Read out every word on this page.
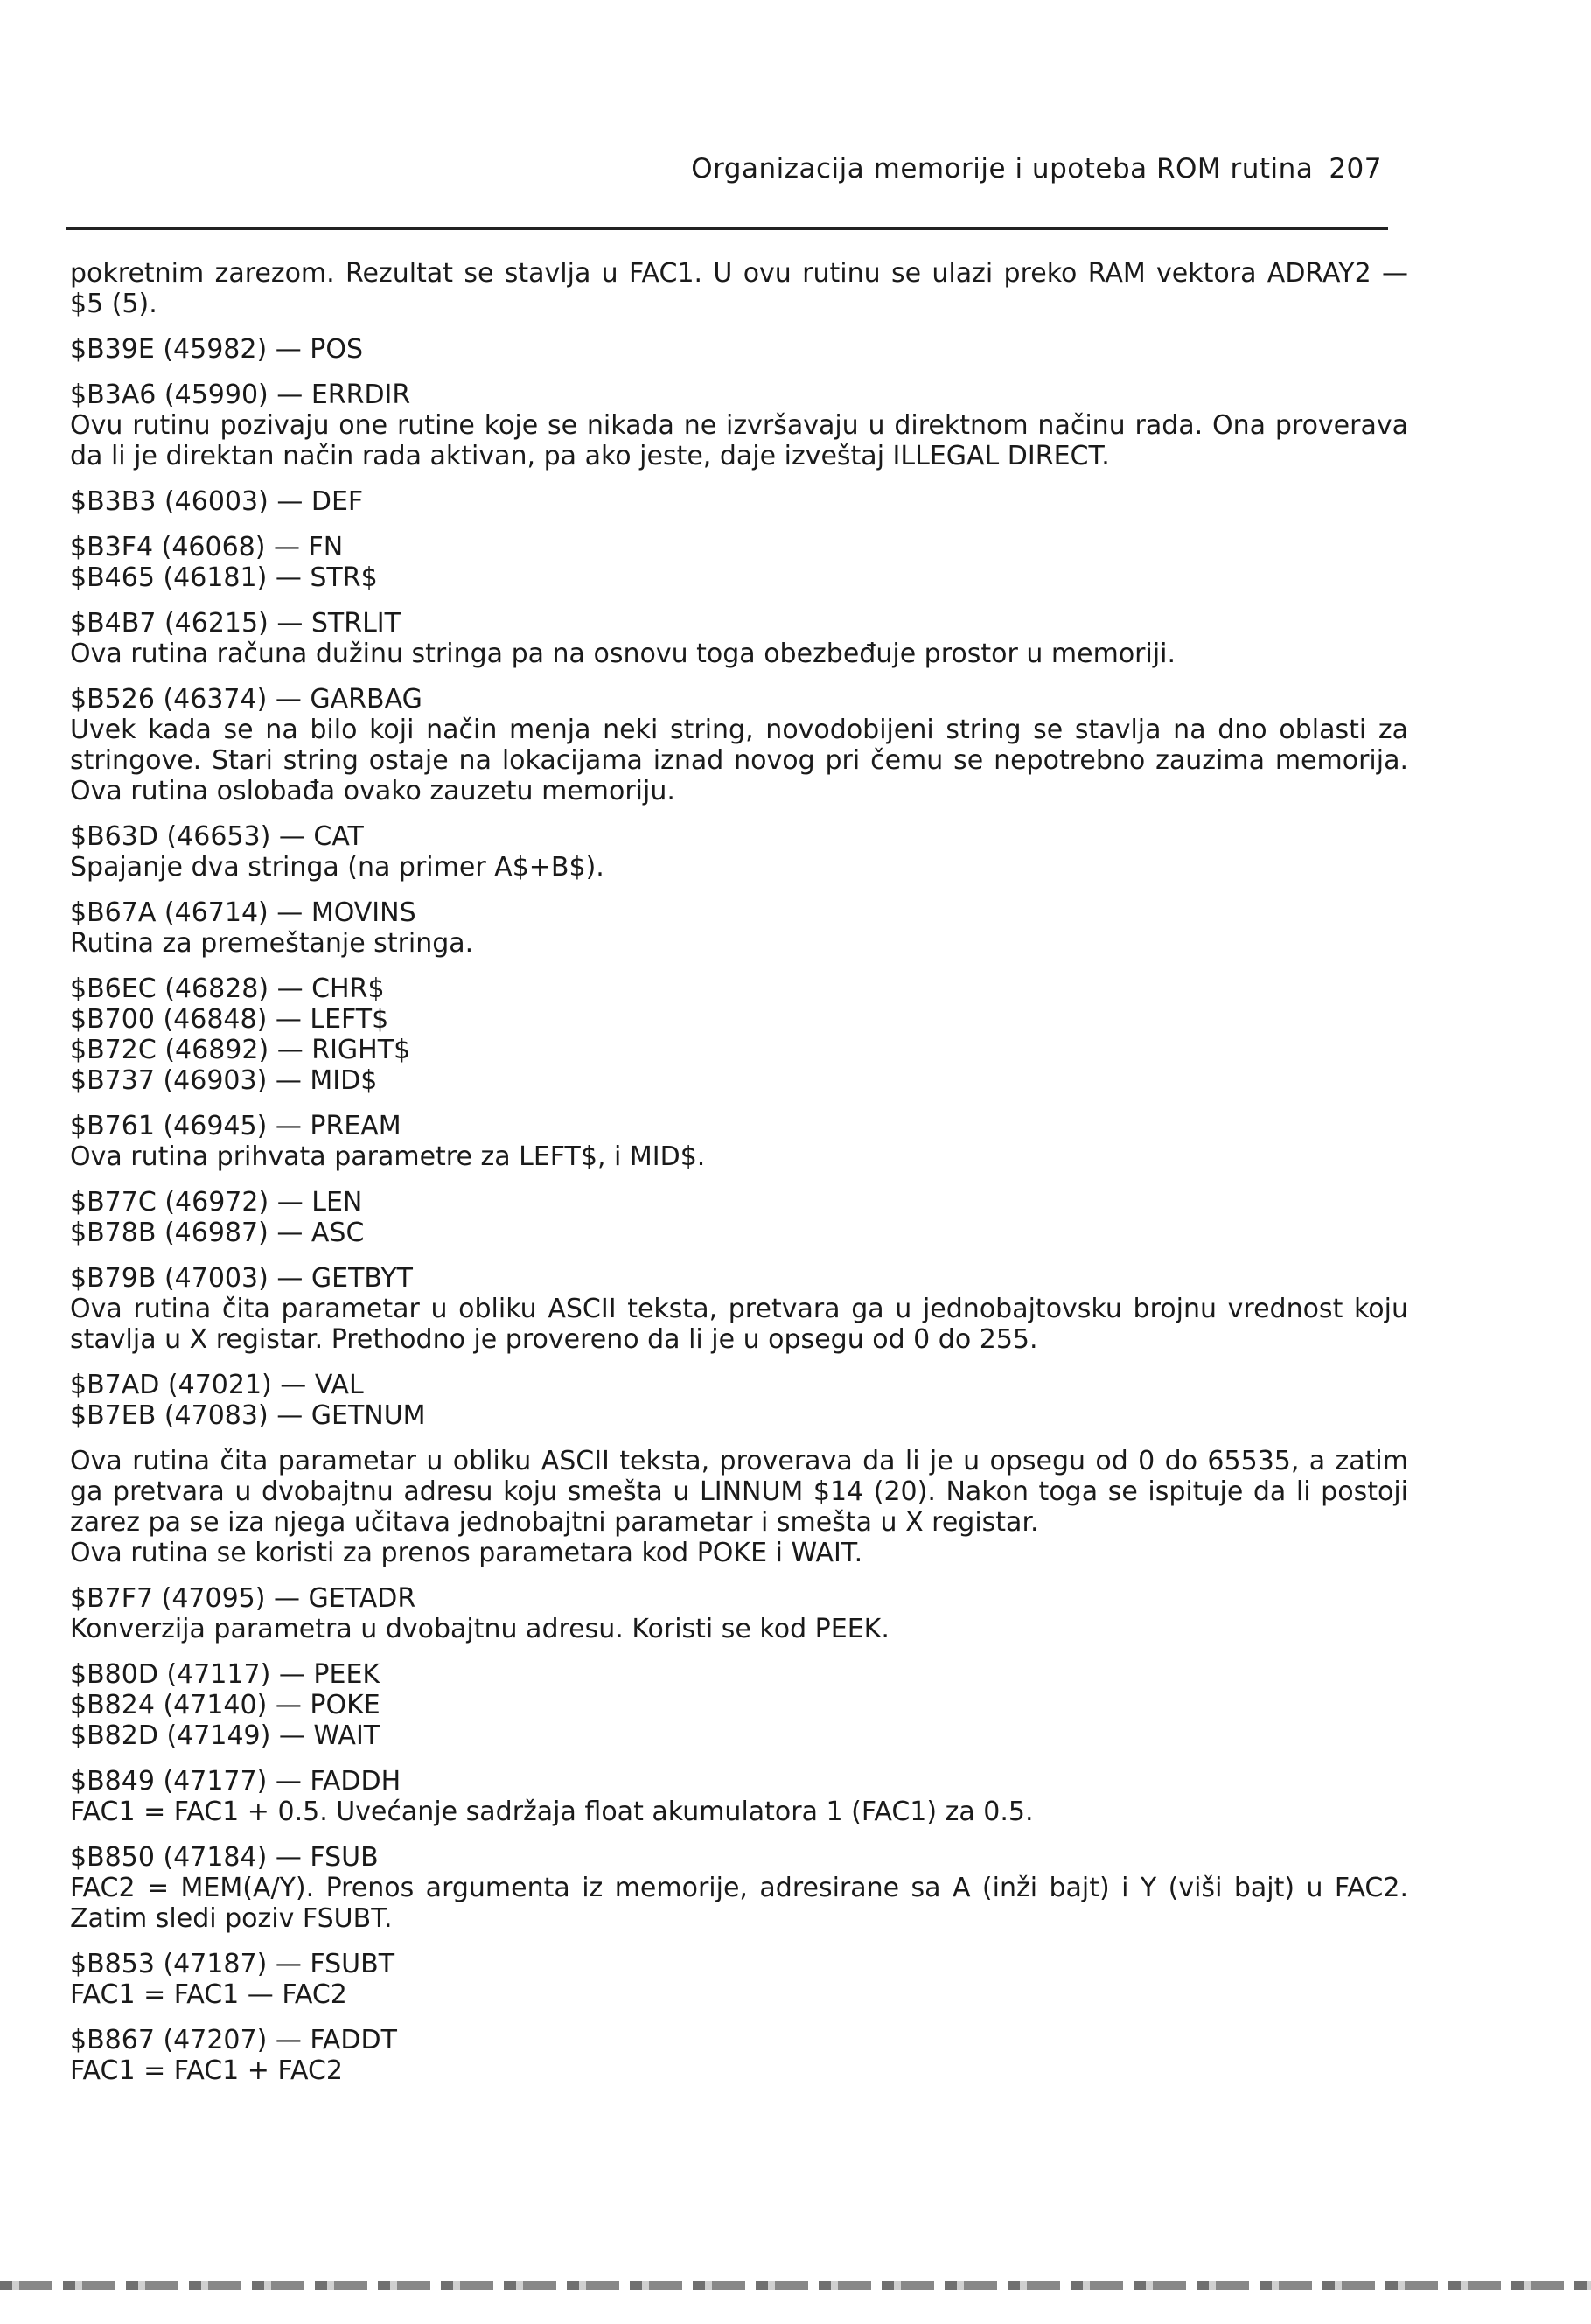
Organizacija memorije i upoteba ROM rutina 207

pokretnim zarezom. Rezultat se stavlja u FAC1. U ovu rutinu se ulazi preko RAM vektora ADRAY2 — $5 (5).

$B39E (45982) — POS

$B3A6 (45990) — ERRDIR

Ovu rutinu pozivaju one rutine koje se nikada ne izvršavaju u direktnom načinu rada. Ona proverava da li je direktan način rada aktivan, pa ako jeste, daje izveštaj ILLEGAL DIRECT.

$B3B3 (46003) — DEF

$B3F4 (46068) — FN

$B465 (46181) — STR$

$B4B7 (46215) — STRLIT

Ova rutina računa dužinu stringa pa na osnovu toga obezbeđuje prostor u memoriji.

$B526 (46374) — GARBAG

Uvek kada se na bilo koji način menja neki string, novodobijeni string se stavlja na dno oblasti za stringove. Stari string ostaje na lokacijama iznad novog pri čemu se nepotrebno zauzima memorija. Ova rutina oslobađa ovako zauzetu memoriju.

$B63D (46653) — CAT

Spajanje dva stringa (na primer A$+B$).

$B67A (46714) — MOVINS

Rutina za premeštanje stringa.

$B6EC (46828) — CHR$

$B700 (46848) — LEFT$

$B72C (46892) — RIGHT$

$B737 (46903) — MID$

$B761 (46945) — PREAM

Ova rutina prihvata parametre za LEFT$, i MID$.

$B77C (46972) — LEN

$B78B (46987) — ASC

$B79B (47003) — GETBYT

Ova rutina čita parametar u obliku ASCII teksta, pretvara ga u jednobajtovsku brojnu vrednost koju stavlja u X registar. Prethodno je provereno da li je u opsegu od 0 do 255.

$B7AD (47021) — VAL

$B7EB (47083) — GETNUM

Ova rutina čita parametar u obliku ASCII teksta, proverava da li je u opsegu od 0 do 65535, a zatim ga pretvara u dvobajtnu adresu koju smešta u LINNUM $14 (20). Nakon toga se ispituje da li postoji zarez pa se iza njega učitava jednobajtni parametar i smešta u X registar.

Ova rutina se koristi za prenos parametara kod POKE i WAIT.

$B7F7 (47095) — GETADR

Konverzija parametra u dvobajtnu adresu. Koristi se kod PEEK.

$B80D (47117) — PEEK

$B824 (47140) — POKE

$B82D (47149) — WAIT

$B849 (47177) — FADDH

FAC1 = FAC1 + 0.5. Uvećanje sadržaja float akumulatora 1 (FAC1) za 0.5.

$B850 (47184) — FSUB

FAC2 = MEM(A/Y). Prenos argumenta iz memorije, adresirane sa A (inži bajt) i Y (viši bajt) u FAC2. Zatim sledi poziv FSUBT.

$B853 (47187) — FSUBT

FAC1 = FAC1 — FAC2

$B867 (47207) — FADDT

FAC1 = FAC1 + FAC2
